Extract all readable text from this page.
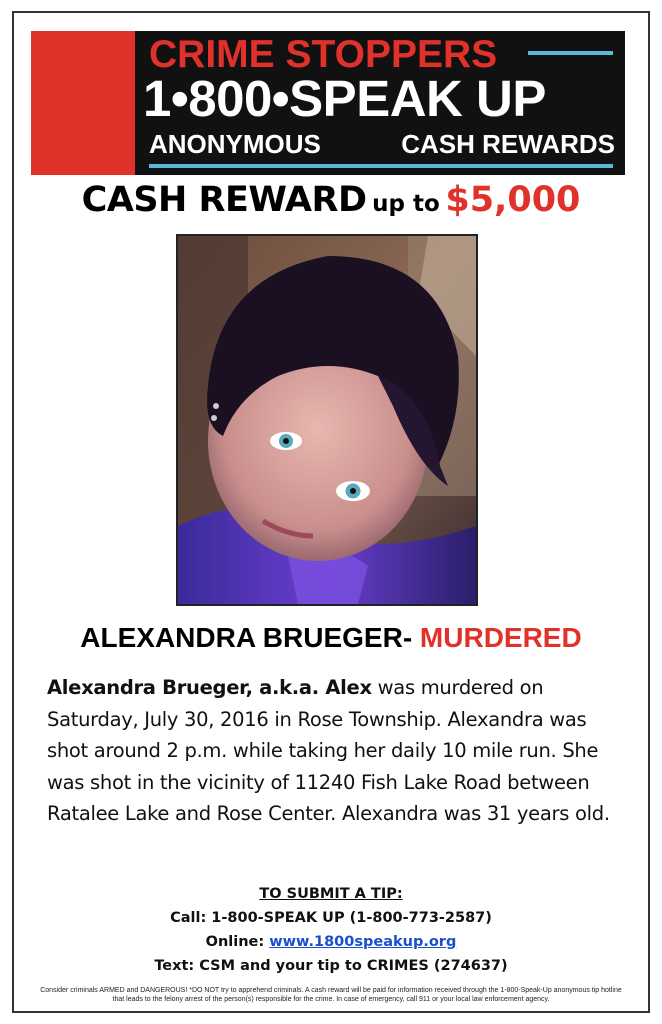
CRIME STOPPERS
1•800•SPEAK UP
ANONYMOUS	CASH REWARDS
CASH REWARD up to $5,000
ALEXANDRA BRUEGER- MURDERED
Alexandra Brueger, a.k.a. Alex was murdered on Saturday, July 30, 2016 in Rose Township. Alexandra was shot around 2 p.m. while taking her daily 10 mile run. She was shot in the vicinity of 11240 Fish Lake Road between Ratalee Lake and Rose Center. Alexandra was 31 years old.
TO SUBMIT A TIP:
Call: 1-800-SPEAK UP (1-800-773-2587)
Online: www.1800speakup.org
Text: CSM and your tip to CRIMES (274637)
Consider criminals ARMED and DANGEROUS! *DO NOT try to apprehend criminals. A cash reward will be paid for information received through the 1-800-Speak-Up anonymous tip hotline that leads to the felony arrest of the person(s) responsible for the crime. In case of emergency, call 911 or your local law enforcement agency.
